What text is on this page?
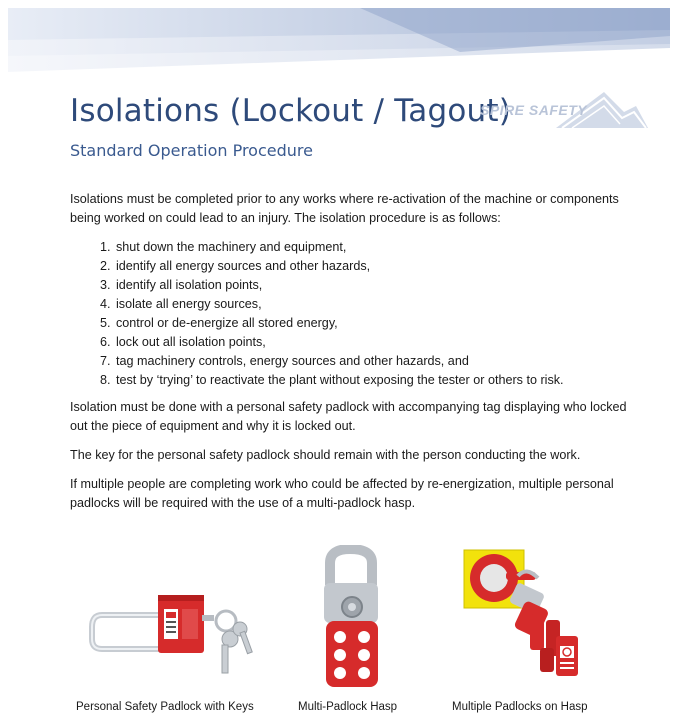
Isolations (Lockout / Tagout)
Standard Operation Procedure
SPIRE SAFETY

Isolations must be completed prior to any works where re-activation of the machine or components being worked on could lead to an injury. The isolation procedure is as follows:

1. shut down the machinery and equipment,
2. identify all energy sources and other hazards,
3. identify all isolation points,
4. isolate all energy sources,
5. control or de-energize all stored energy,
6. lock out all isolation points,
7. tag machinery controls, energy sources and other hazards, and
8. test by ‘trying’ to reactivate the plant without exposing the tester or others to risk.

Isolation must be done with a personal safety padlock with accompanying tag displaying who locked out the piece of equipment and why it is locked out.

The key for the personal safety padlock should remain with the person conducting the work.

If multiple people are completing work who could be affected by re-energization, multiple personal padlocks will be required with the use of a multi-padlock hasp.

Personal Safety Padlock with Keys	Multi-Padlock Hasp	Multiple Padlocks on Hasp
